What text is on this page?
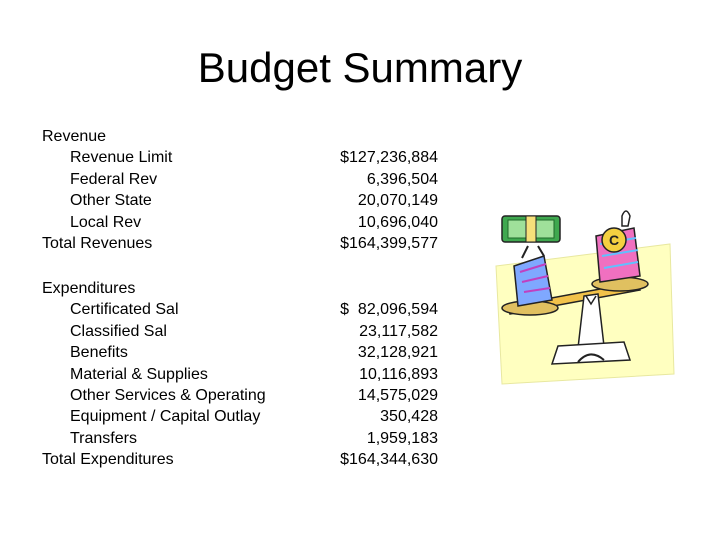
Budget Summary
Revenue
Revenue Limit	$127,236,884
Federal Rev	6,396,504
Other State	20,070,149
Local Rev	10,696,040
Total Revenues	$164,399,577
Expenditures
Certificated Sal	$  82,096,594
Classified Sal	23,117,582
Benefits	32,128,921
Material & Supplies	10,116,893
Other Services & Operating	14,575,029
Equipment / Capital Outlay	350,428
Transfers	1,959,183
Total Expenditures	$164,344,630
C
